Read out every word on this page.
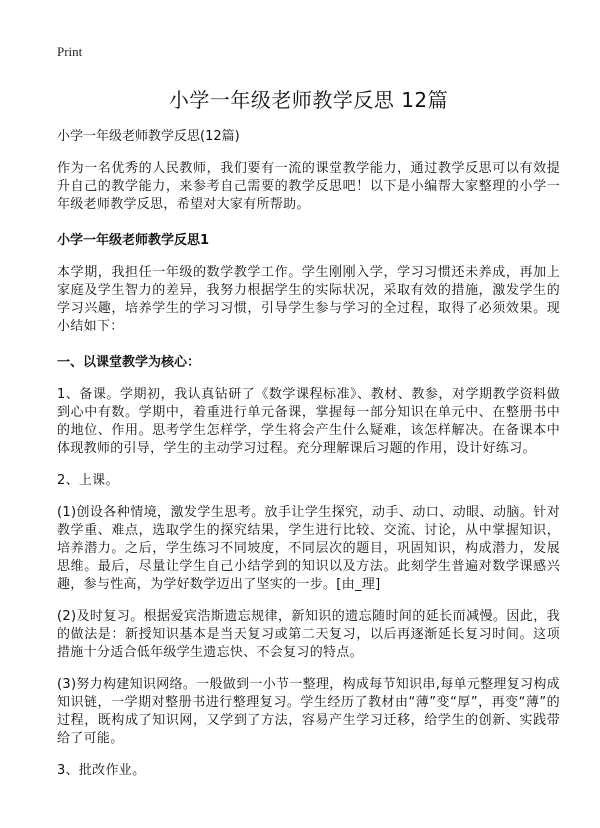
Print
小学一年级老师教学反思 12篇
小学一年级老师教学反思(12篇)

作为一名优秀的人民教师，我们要有一流的课堂教学能力，通过教学反思可以有效提升自己的教学能力，来参考自己需要的教学反思吧！以下是小编帮大家整理的小学一年级老师教学反思，希望对大家有所帮助。

小学一年级老师教学反思1

本学期，我担任一年级的数学教学工作。学生刚刚入学，学习习惯还未养成，再加上家庭及学生智力的差异，我努力根据学生的实际状况，采取有效的措施，激发学生的学习兴趣，培养学生的学习习惯，引导学生参与学习的全过程，取得了必须效果。现小结如下：

一、以课堂教学为核心：

1、备课。学期初，我认真钻研了《数学课程标准》、教材、教参，对学期教学资料做到心中有数。学期中，着重进行单元备课，掌握每一部分知识在单元中、在整册书中的地位、作用。思考学生怎样学，学生将会产生什么疑难，该怎样解决。在备课本中体现教师的引导，学生的主动学习过程。充分理解课后习题的作用，设计好练习。

2、上课。

(1)创设各种情境，激发学生思考。放手让学生探究，动手、动口、动眼、动脑。针对教学重、难点，选取学生的探究结果，学生进行比较、交流、讨论，从中掌握知识，培养潜力。之后，学生练习不同坡度，不同层次的题目，巩固知识，构成潜力，发展思维。最后，尽量让学生自己小结学到的知识以及方法。此刻学生普遍对数学课感兴趣，参与性高，为学好数学迈出了坚实的一步。[由_理]

(2)及时复习。根据爱宾浩斯遗忘规律，新知识的遗忘随时间的延长而减慢。因此，我的做法是：新授知识基本是当天复习或第二天复习，以后再逐渐延长复习时间。这项措施十分适合低年级学生遗忘快、不会复习的特点。

(3)努力构建知识网络。一般做到一小节一整理，构成每节知识串,每单元整理复习构成知识链，一学期对整册书进行整理复习。学生经历了教材由“薄”变“厚”，再变“薄”的过程，既构成了知识网，又学到了方法，容易产生学习迁移，给学生的创新、实践带给了可能。

3、批改作业。
